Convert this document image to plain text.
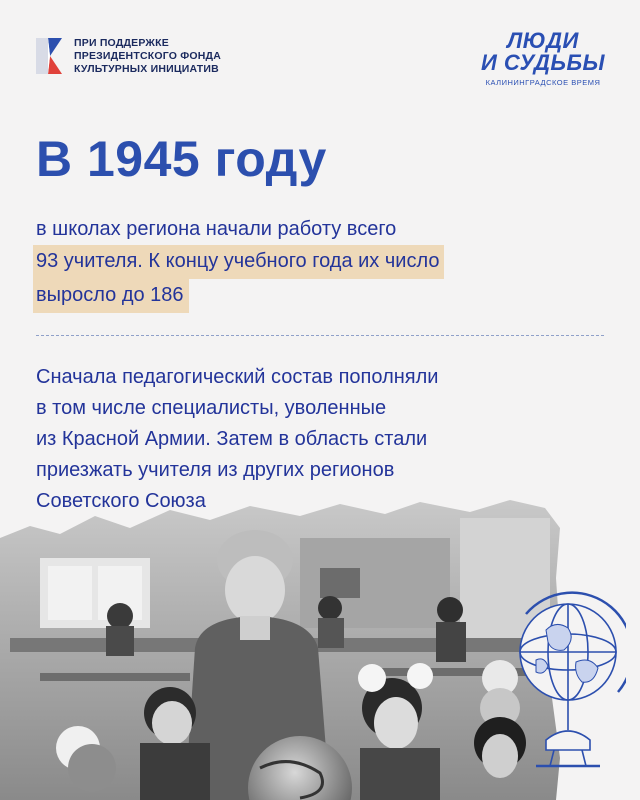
ПРИ ПОДДЕРЖКЕ
ПРЕЗИДЕНТСКОГО ФОНДА
КУЛЬТУРНЫХ ИНИЦИАТИВ
ЛЮДИ
И СУДЬБЫ
КАЛИНИНГРАДСКОЕ ВРЕМЯ
В 1945 году
в школах региона начали работу всего
93 учителя. К концу учебного года их число
выросло до 186
Сначала педагогический состав пополняли
в том числе специалисты, уволенные
из Красной Армии. Затем в область стали
приезжать учителя из других регионов
Советского Союза
